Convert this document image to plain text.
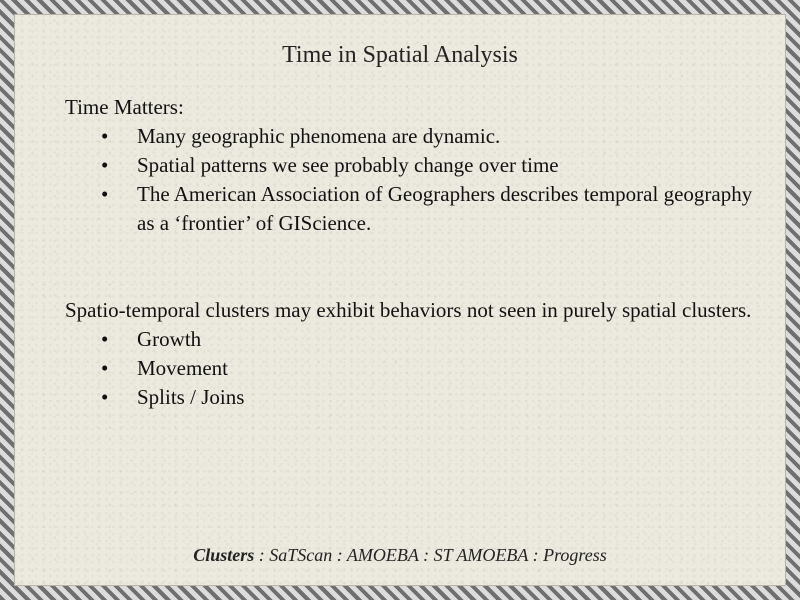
Time in Spatial Analysis
Time Matters:
• Many geographic phenomena are dynamic.
• Spatial patterns we see probably change over time
• The American Association of Geographers describes temporal geography as a ‘frontier’ of GIScience.
Spatio-temporal clusters may exhibit behaviors not seen in purely spatial clusters.
• Growth
• Movement
• Splits / Joins
Clusters : SaTScan : AMOEBA : ST AMOEBA : Progress
